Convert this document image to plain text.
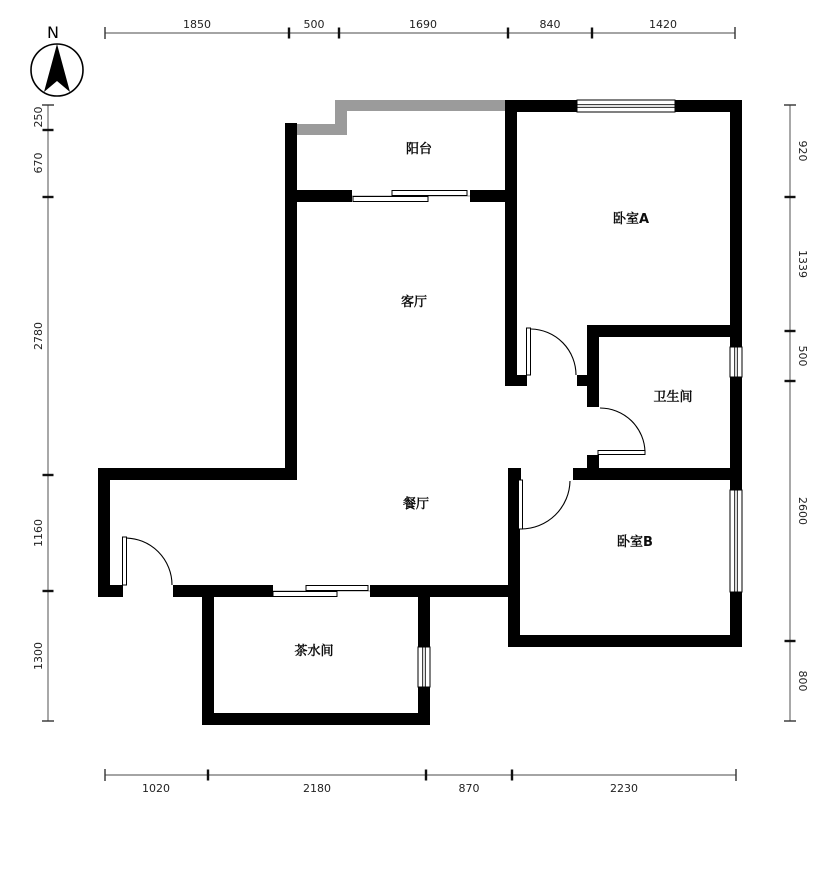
阳台
卧室A
客厅
卫生间
餐厅
卧室B
茶水间
1850	500	1690	840	1420
1020	2180	870	2230
250
670
2780
1160
1300
920
1339
500
2600
800
N
